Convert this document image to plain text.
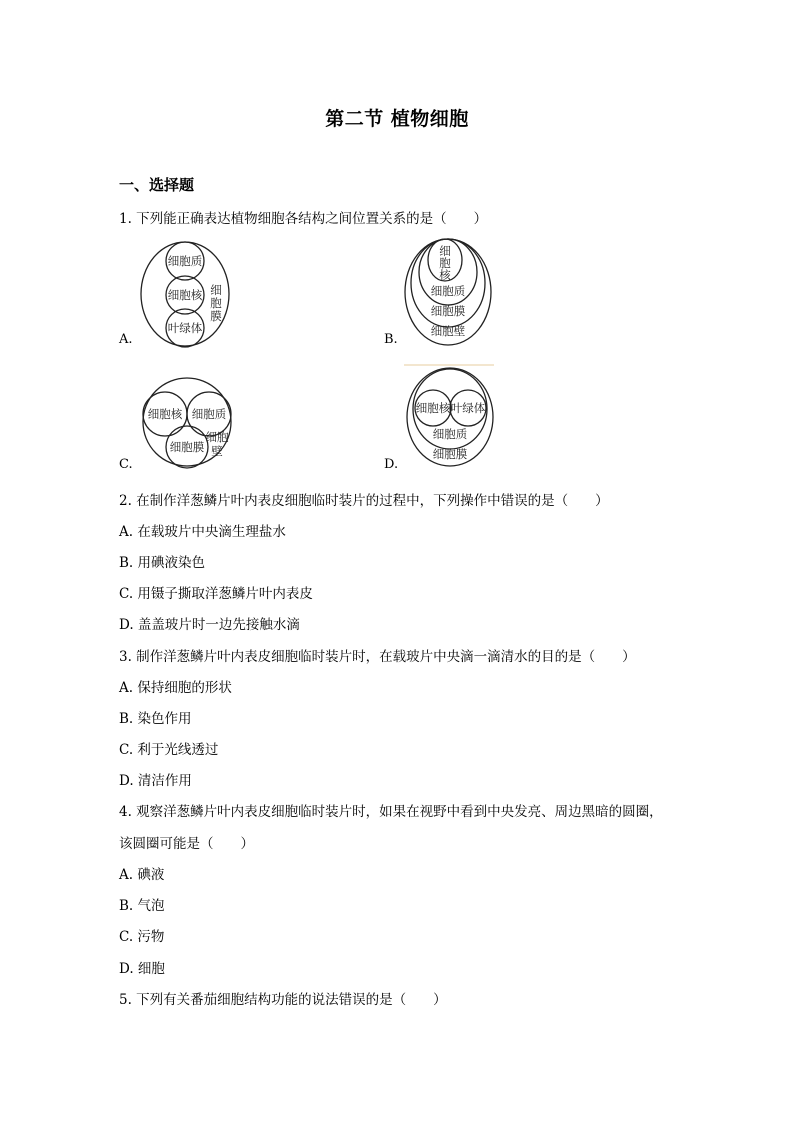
第二节 植物细胞
一、选择题
1. 下列能正确表达植物细胞各结构之间位置关系的是（　　）
细胞质
细胞核
叶绿体
细
胞
膜
A.
细
胞
核
细胞质
细胞膜
细胞壁
B.
细胞核 细胞质
细胞膜
细胞
壁
C.
细胞核 叶绿体
细胞质
细胞膜
D.
2. 在制作洋葱鳞片叶内表皮细胞临时装片的过程中，下列操作中错误的是（　　）
A. 在载玻片中央滴生理盐水
B. 用碘液染色
C. 用镊子撕取洋葱鳞片叶内表皮
D. 盖盖玻片时一边先接触水滴
3. 制作洋葱鳞片叶内表皮细胞临时装片时，在载玻片中央滴一滴清水的目的是（　　）
A. 保持细胞的形状
B. 染色作用
C. 利于光线透过
D. 清洁作用
4. 观察洋葱鳞片叶内表皮细胞临时装片时，如果在视野中看到中央发亮、周边黑暗的圆圈，
该圆圈可能是（　　）
A. 碘液
B. 气泡
C. 污物
D. 细胞
5. 下列有关番茄细胞结构功能的说法错误的是（　　）
